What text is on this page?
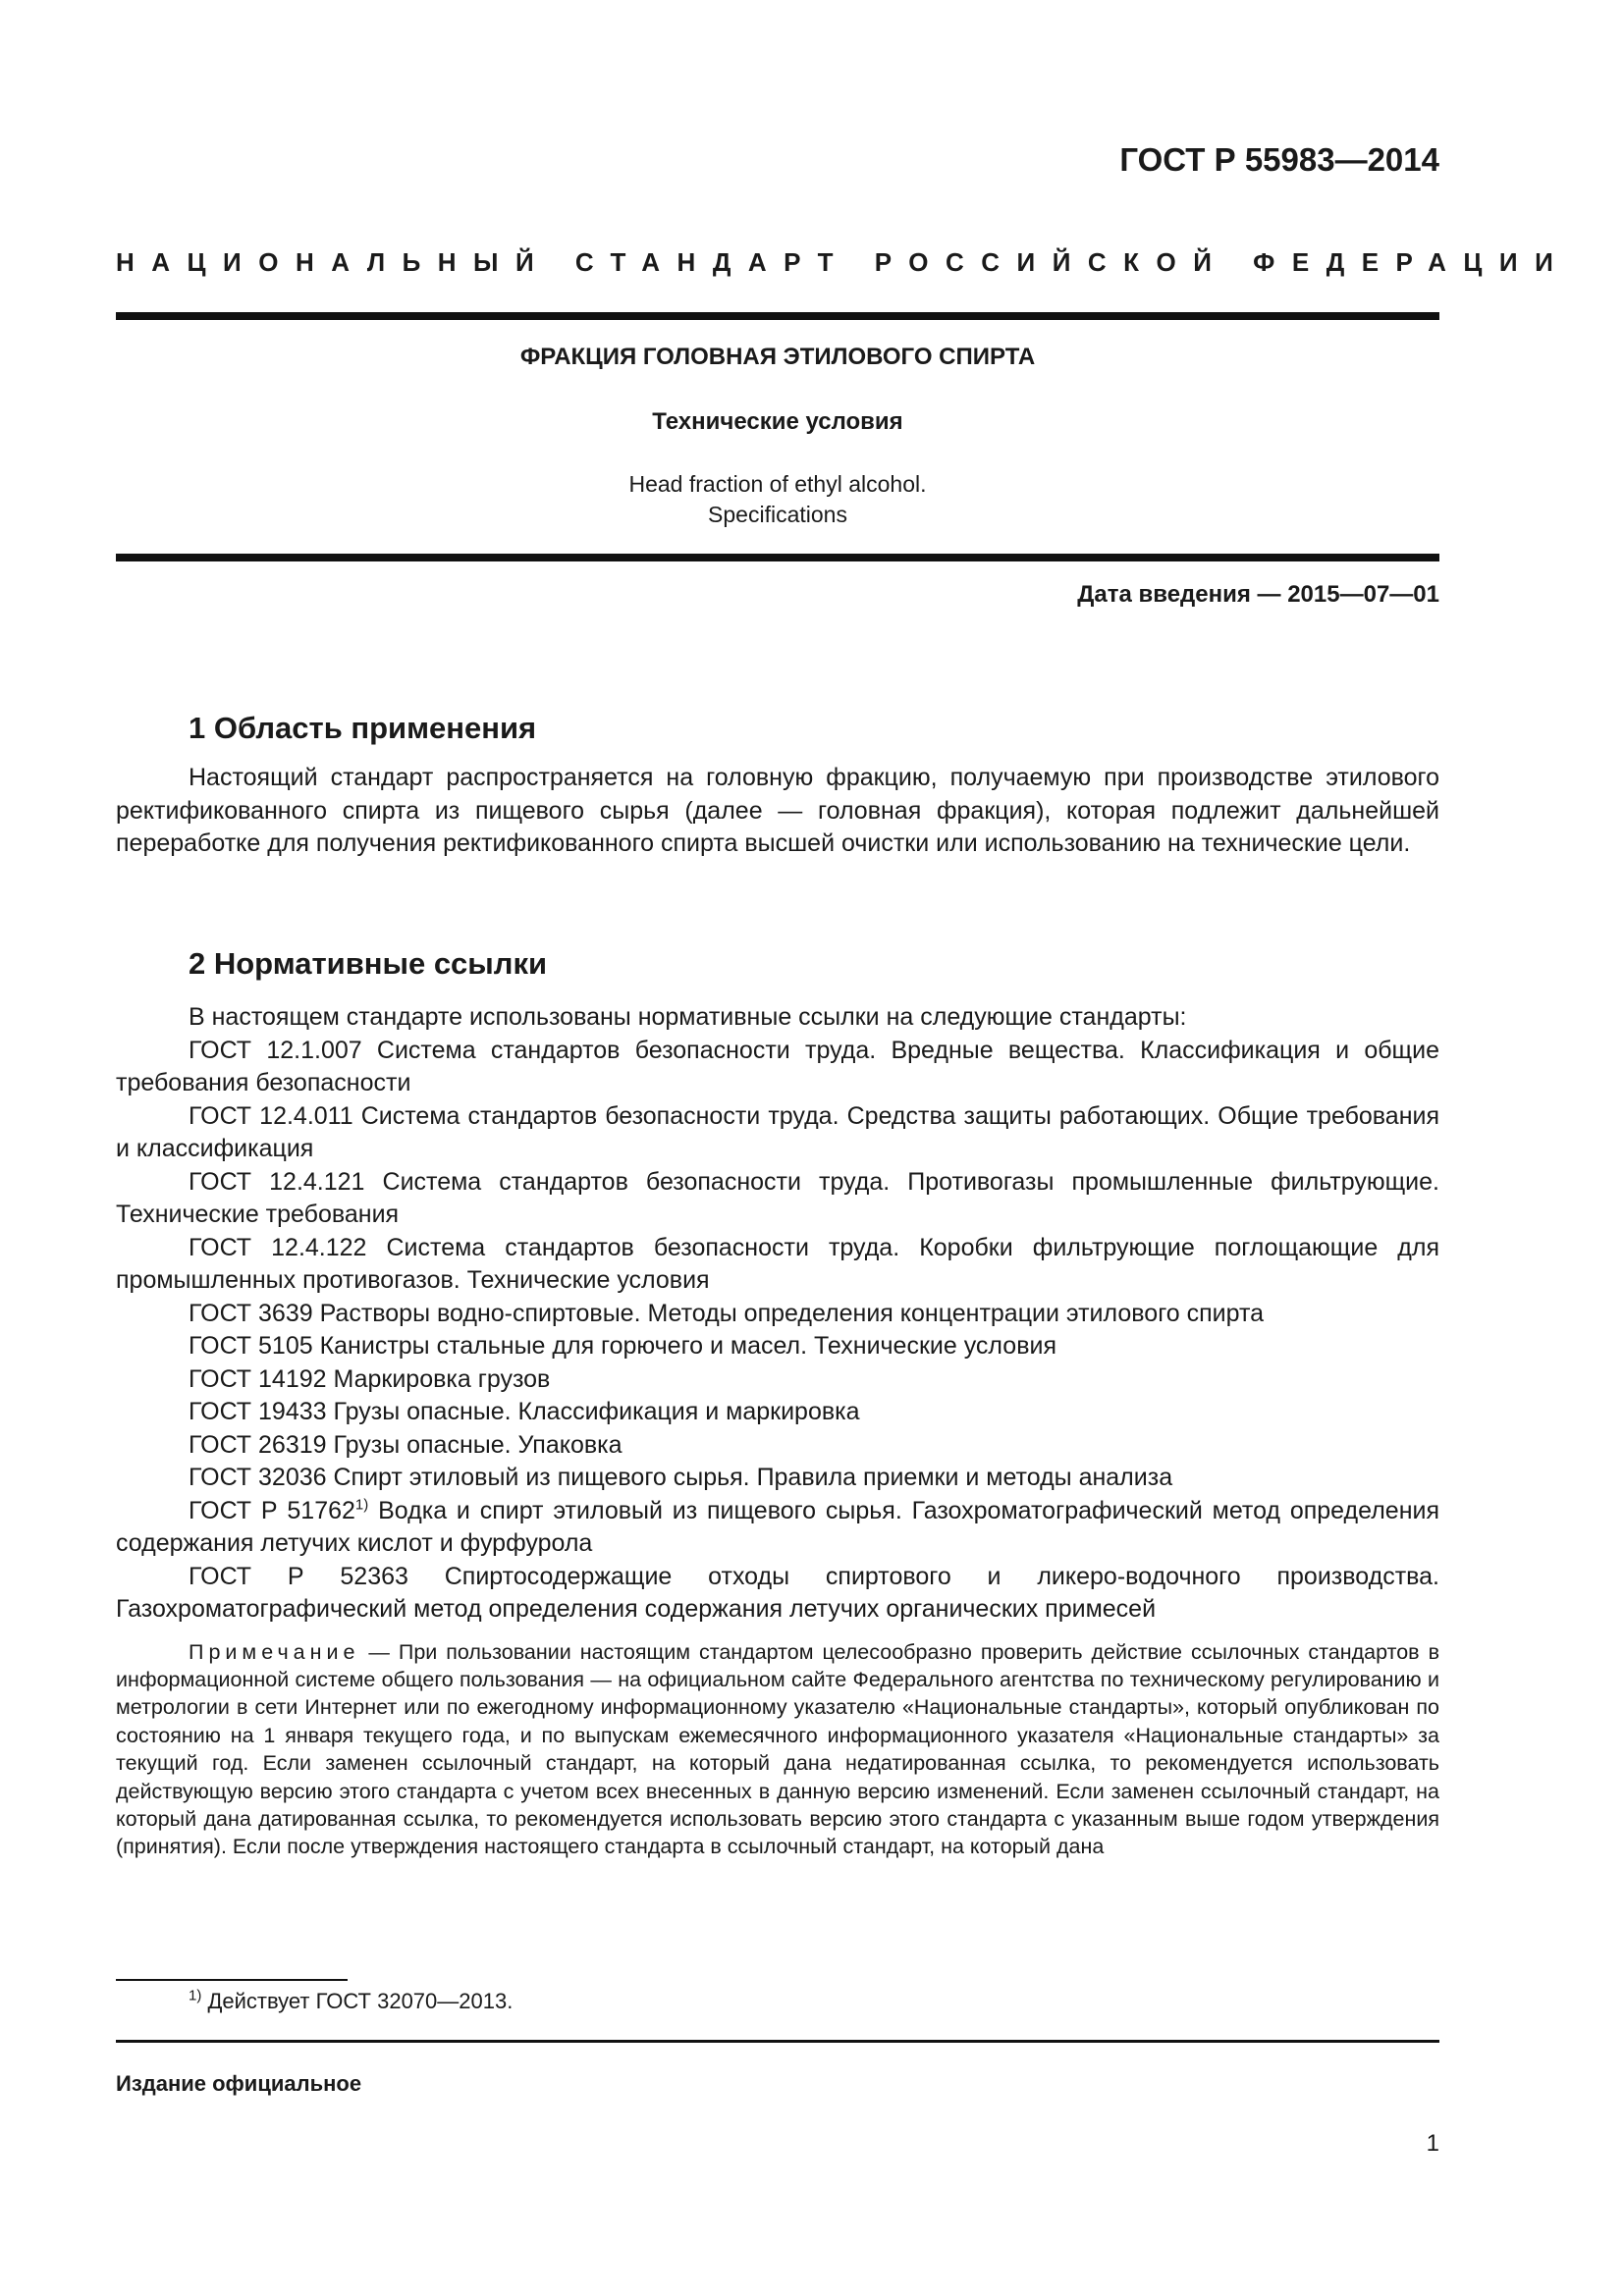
ГОСТ Р 55983—2014
НАЦИОНАЛЬНЫЙ СТАНДАРТ РОССИЙСКОЙ ФЕДЕРАЦИИ
ФРАКЦИЯ ГОЛОВНАЯ ЭТИЛОВОГО СПИРТА
Технические условия
Head fraction of ethyl alcohol.
Specifications
Дата введения — 2015—07—01
1 Область применения

Настоящий стандарт распространяется на головную фракцию, получаемую при производстве этилового ректификованного спирта из пищевого сырья (далее — головная фракция), которая подлежит дальнейшей переработке для получения ректификованного спирта высшей очистки или использованию на технические цели.

2 Нормативные ссылки

В настоящем стандарте использованы нормативные ссылки на следующие стандарты:

ГОСТ 12.1.007 Система стандартов безопасности труда. Вредные вещества. Классификация и общие требования безопасности

ГОСТ 12.4.011 Система стандартов безопасности труда. Средства защиты работающих. Общие требования и классификация

ГОСТ 12.4.121 Система стандартов безопасности труда. Противогазы промышленные фильтрующие. Технические требования

ГОСТ 12.4.122 Система стандартов безопасности труда. Коробки фильтрующие поглощающие для промышленных противогазов. Технические условия

ГОСТ 3639 Растворы водно-спиртовые. Методы определения концентрации этилового спирта

ГОСТ 5105 Канистры стальные для горючего и масел. Технические условия

ГОСТ 14192 Маркировка грузов

ГОСТ 19433 Грузы опасные. Классификация и маркировка

ГОСТ 26319 Грузы опасные. Упаковка

ГОСТ 32036 Спирт этиловый из пищевого сырья. Правила приемки и методы анализа

ГОСТ Р 51762$^{1)}$ Водка и спирт этиловый из пищевого сырья. Газохроматографический метод определения содержания летучих кислот и фурфурола

ГОСТ Р 52363 Спиртосодержащие отходы спиртового и ликеро-водочного производства. Газохроматографический метод определения содержания летучих органических примесей

Примечание — При пользовании настоящим стандартом целесообразно проверить действие ссылочных стандартов в информационной системе общего пользования — на официальном сайте Федерального агентства по техническому регулированию и метрологии в сети Интернет или по ежегодному информационному указателю «Национальные стандарты», который опубликован по состоянию на 1 января текущего года, и по выпускам ежемесячного информационного указателя «Национальные стандарты» за текущий год. Если заменен ссылочный стандарт, на который дана недатированная ссылка, то рекомендуется использовать действующую версию этого стандарта с учетом всех внесенных в данную версию изменений. Если заменен ссылочный стандарт, на который дана датированная ссылка, то рекомендуется использовать версию этого стандарта с указанным выше годом утверждения (принятия). Если после утверждения настоящего стандарта в ссылочный стандарт, на который дана

$^{1)}$ Действует ГОСТ 32070—2013.
Издание официальное
1
